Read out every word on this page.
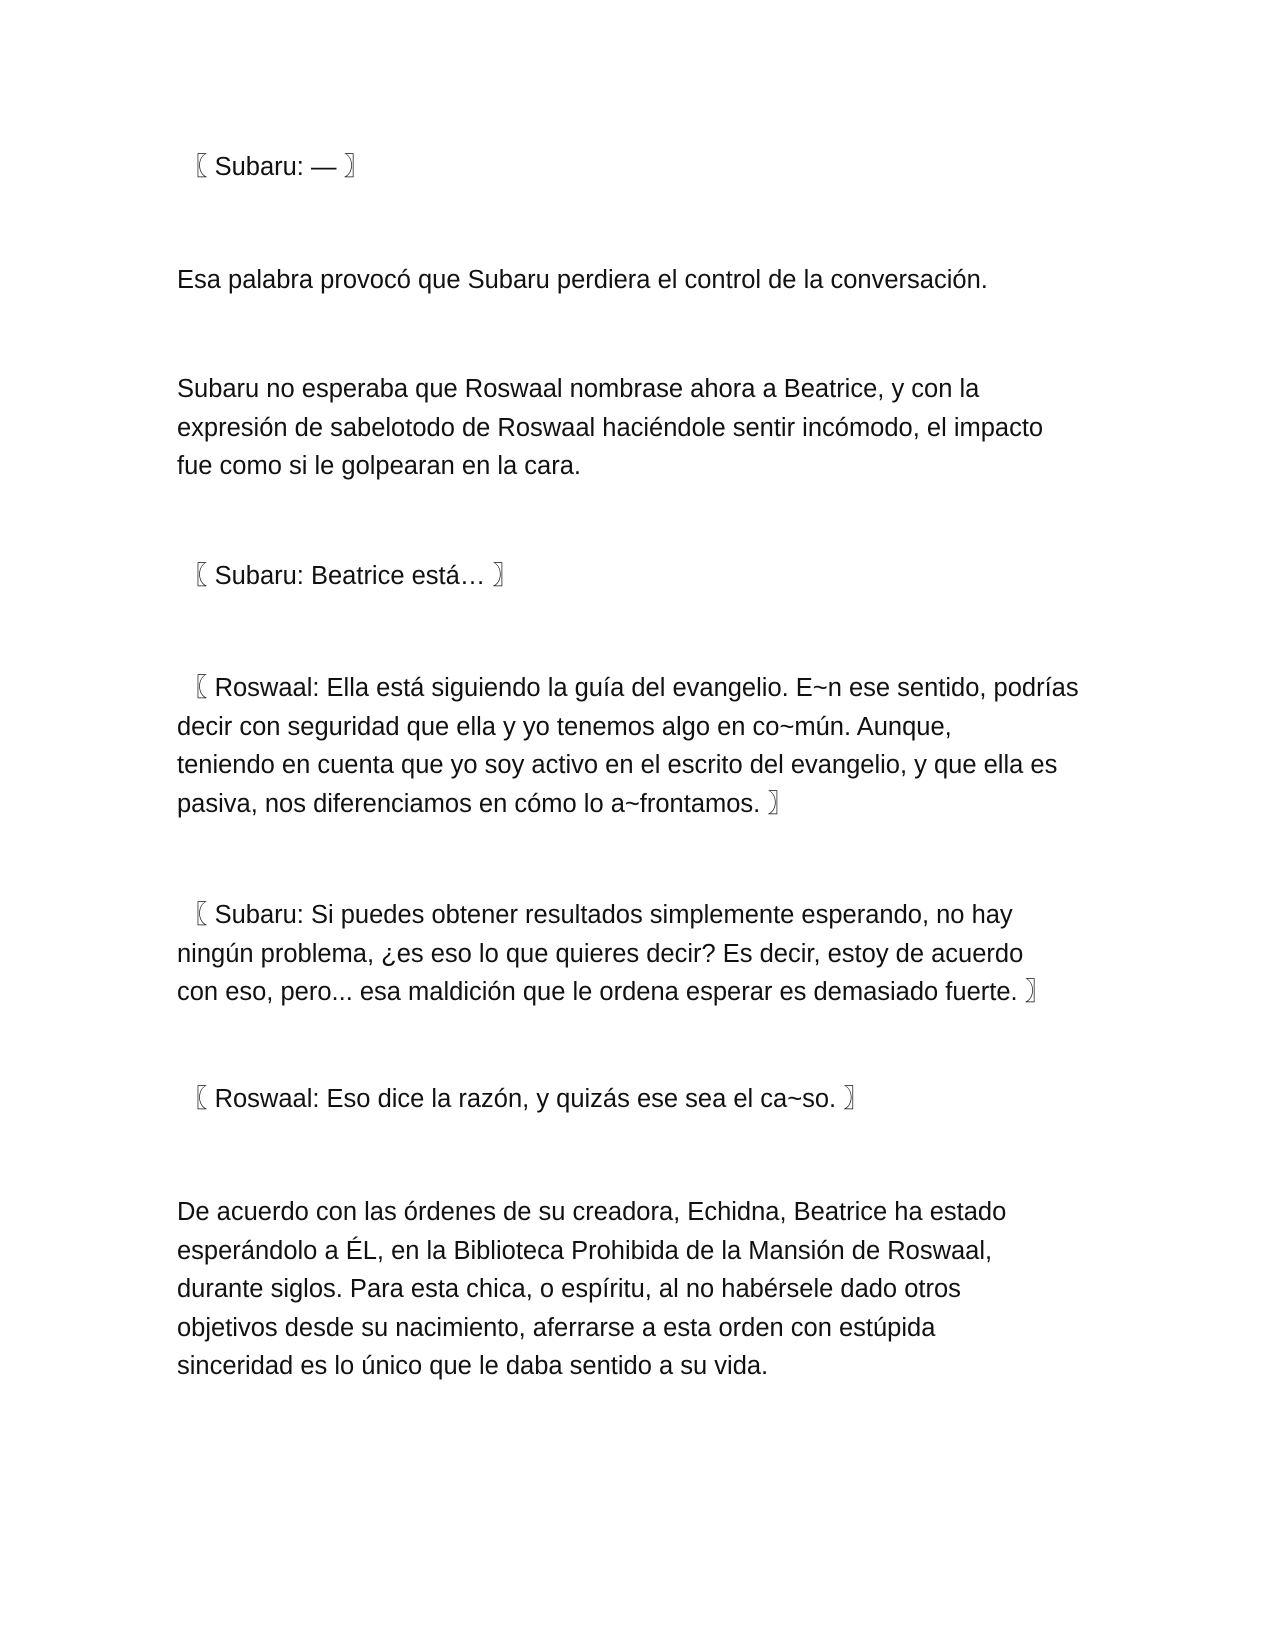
〖 Subaru: — 〗

Esa palabra provocó que Subaru perdiera el control de la conversación.

Subaru no esperaba que Roswaal nombrase ahora a Beatrice, y con la
expresión de sabelotodo de Roswaal haciéndole sentir incómodo, el impacto
fue como si le golpearan en la cara.

〖 Subaru: Beatrice está… 〗

〖 Roswaal: Ella está siguiendo la guía del evangelio. E~n ese sentido, podrías
decir con seguridad que ella y yo tenemos algo en co~mún. Aunque,
teniendo en cuenta que yo soy activo en el escrito del evangelio, y que ella es
pasiva, nos diferenciamos en cómo lo a~frontamos. 〗

〖 Subaru: Si puedes obtener resultados simplemente esperando, no hay
ningún problema, ¿es eso lo que quieres decir? Es decir, estoy de acuerdo
con eso, pero... esa maldición que le ordena esperar es demasiado fuerte. 〗

〖 Roswaal: Eso dice la razón, y quizás ese sea el ca~so. 〗

De acuerdo con las órdenes de su creadora, Echidna, Beatrice ha estado
esperándolo a ÉL, en la Biblioteca Prohibida de la Mansión de Roswaal,
durante siglos. Para esta chica, o espíritu, al no habérsele dado otros
objetivos desde su nacimiento, aferrarse a esta orden con estúpida
sinceridad es lo único que le daba sentido a su vida.
